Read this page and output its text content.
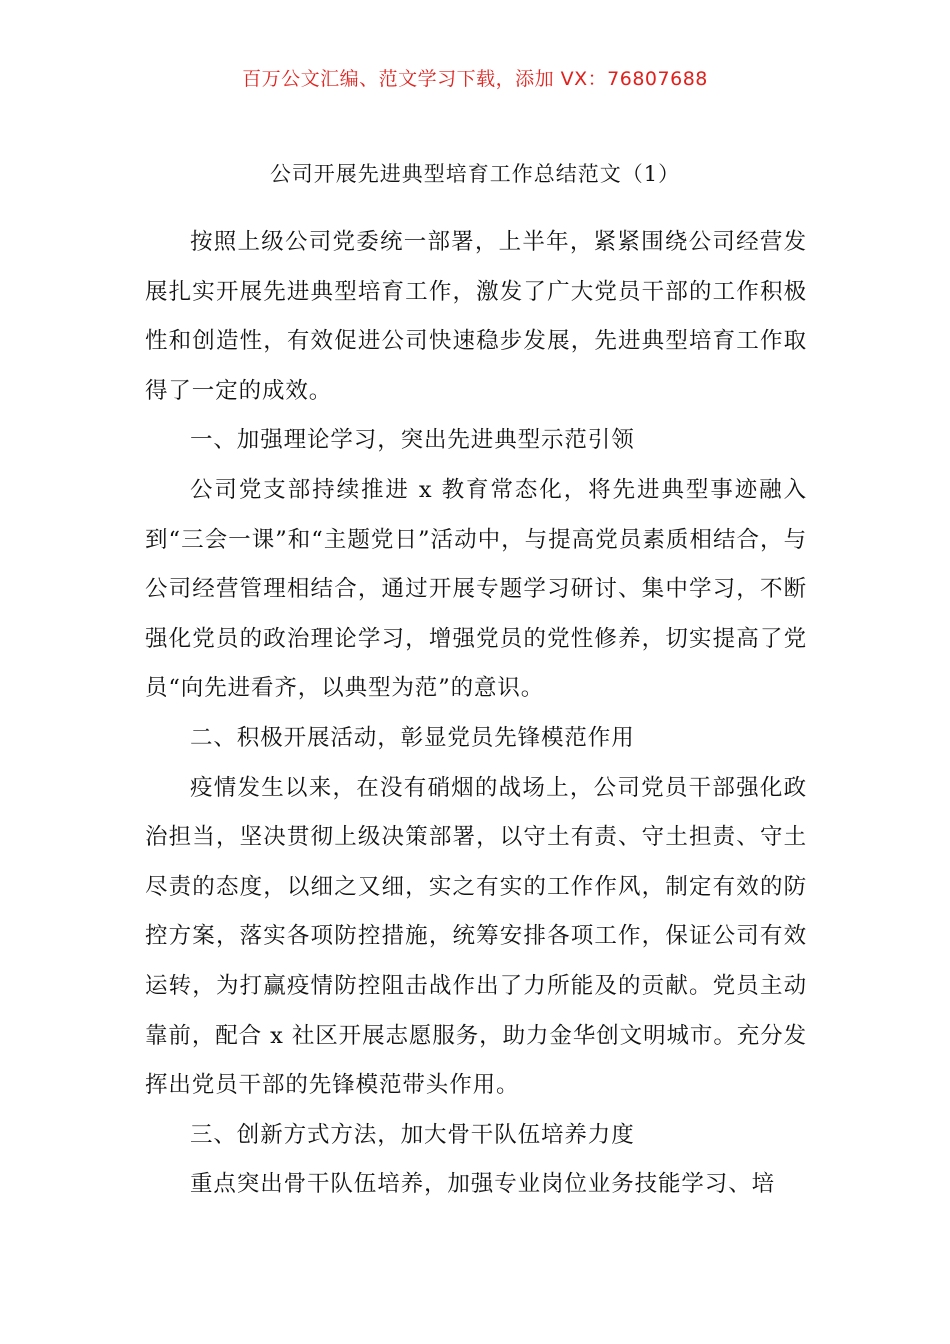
百万公文汇编、范文学习下载，添加 VX：76807688
公司开展先进典型培育工作总结范文（1）

按照上级公司党委统一部署，上半年，紧紧围绕公司经营发展扎实开展先进典型培育工作，激发了广大党员干部的工作积极性和创造性，有效促进公司快速稳步发展，先进典型培育工作取得了一定的成效。

一、加强理论学习，突出先进典型示范引领

公司党支部持续推进 x 教育常态化，将先进典型事迹融入到“三会一课”和“主题党日”活动中，与提高党员素质相结合，与公司经营管理相结合，通过开展专题学习研讨、集中学习，不断强化党员的政治理论学习，增强党员的党性修养，切实提高了党员“向先进看齐，以典型为范”的意识。

二、积极开展活动，彰显党员先锋模范作用

疫情发生以来，在没有硝烟的战场上，公司党员干部强化政治担当，坚决贯彻上级决策部署，以守土有责、守土担责、守土尽责的态度，以细之又细，实之有实的工作作风，制定有效的防控方案，落实各项防控措施，统筹安排各项工作，保证公司有效运转，为打赢疫情防控阻击战作出了力所能及的贡献。党员主动靠前，配合 x 社区开展志愿服务，助力金华创文明城市。充分发挥出党员干部的先锋模范带头作用。

三、创新方式方法，加大骨干队伍培养力度

重点突出骨干队伍培养，加强专业岗位业务技能学习、培
